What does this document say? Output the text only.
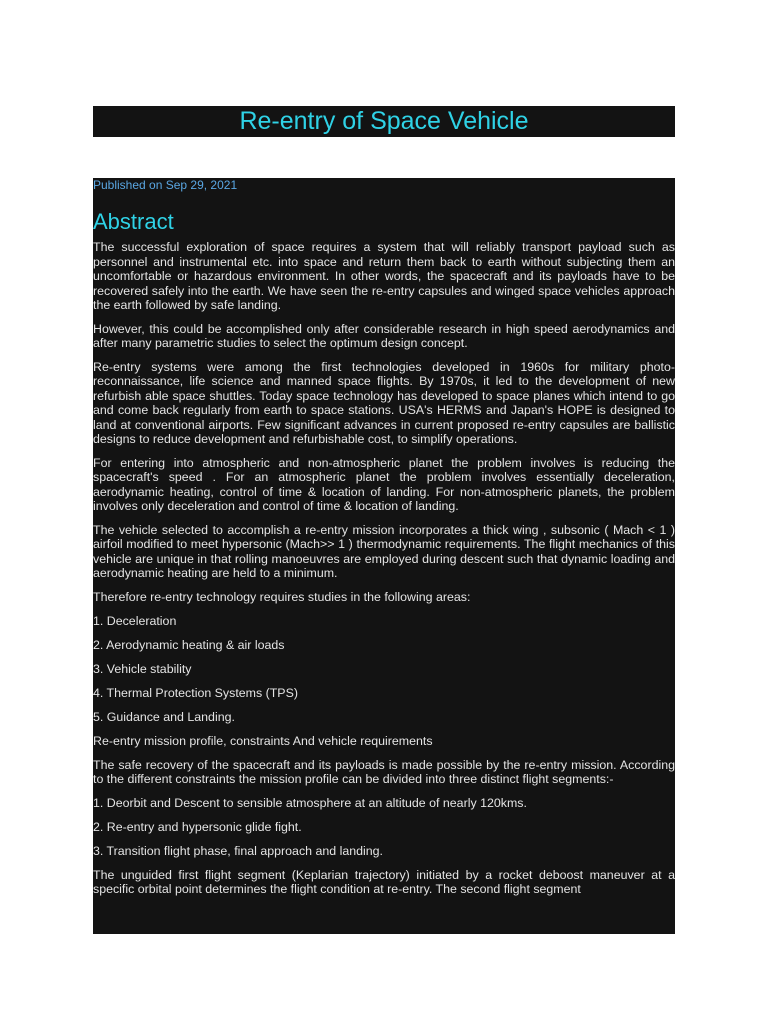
Re-entry of Space Vehicle

Published on Sep 29, 2021

Abstract

The successful exploration of space requires a system that will reliably transport payload such as personnel and instrumental etc. into space and return them back to earth without subjecting them an uncomfortable or hazardous environment. In other words, the spacecraft and its payloads have to be recovered safely into the earth. We have seen the re-entry capsules and winged space vehicles approach the earth followed by safe landing.

However, this could be accomplished only after considerable research in high speed aerodynamics and after many parametric studies to select the optimum design concept.

Re-entry systems were among the first technologies developed in 1960s for military photo-reconnaissance, life science and manned space flights. By 1970s, it led to the development of new refurbish able space shuttles. Today space technology has developed to space planes which intend to go and come back regularly from earth to space stations. USA's HERMS and Japan's HOPE is designed to land at conventional airports. Few significant advances in current proposed re-entry capsules are ballistic designs to reduce development and refurbishable cost, to simplify operations.

For entering into atmospheric and non-atmospheric planet the problem involves is reducing the spacecraft's speed . For an atmospheric planet the problem involves essentially deceleration, aerodynamic heating, control of time & location of landing. For non-atmospheric planets, the problem involves only deceleration and control of time & location of landing.

The vehicle selected to accomplish a re-entry mission incorporates a thick wing , subsonic ( Mach < 1 ) airfoil modified to meet hypersonic (Mach>> 1 ) thermodynamic requirements. The flight mechanics of this vehicle are unique in that rolling manoeuvres are employed during descent such that dynamic loading and aerodynamic heating are held to a minimum.

Therefore re-entry technology requires studies in the following areas:

1. Deceleration

2. Aerodynamic heating & air loads

3. Vehicle stability

4. Thermal Protection Systems (TPS)

5. Guidance and Landing.

Re-entry mission profile, constraints And vehicle requirements

The safe recovery of the spacecraft and its payloads is made possible by the re-entry mission. According to the different constraints the mission profile can be divided into three distinct flight segments:-

1. Deorbit and Descent to sensible atmosphere at an altitude of nearly 120kms.

2. Re-entry and hypersonic glide fight.

3. Transition flight phase, final approach and landing.

The unguided first flight segment (Keplarian trajectory) initiated by a rocket deboost maneuver at a specific orbital point determines the flight condition at re-entry. The second flight segment
